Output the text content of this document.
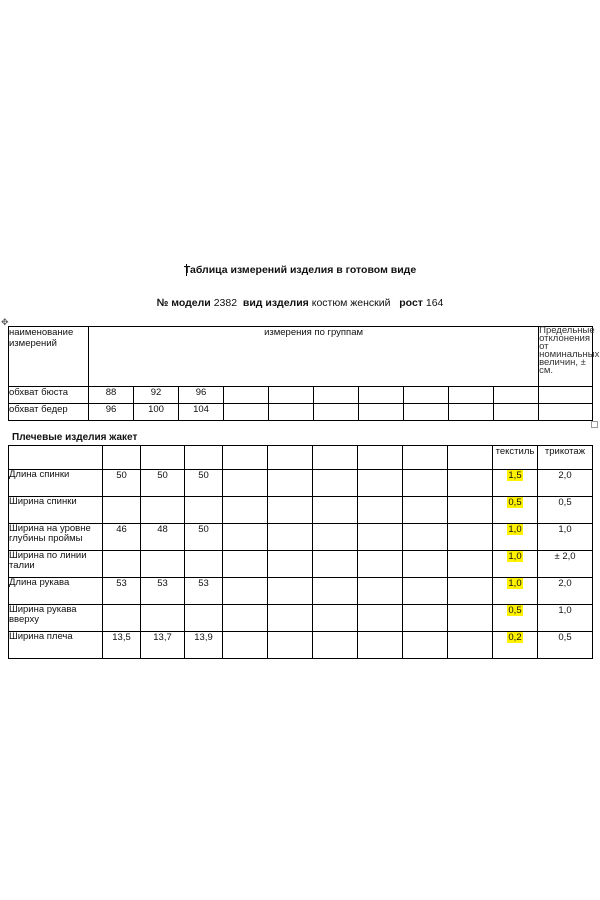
Таблица измерений изделия в готовом виде
№ модели 2382 вид изделия костюм женский рост 164
✥
наименование измерений	измерения по группам										Предельные отклонения от номинальных величин, ± см.
обхват бюста	88	92	96								
обхват бедер	96	100	104								
Плечевые изделия жакет
										текстиль	трикотаж
Длина спинки	50	50	50							1,5	2,0
Ширина спинки										0,5	0,5
Ширина на уровне глубины проймы	46	48	50							1,0	1,0
Ширина по линии талии										1,0	± 2,0
Длина рукава	53	53	53							1,0	2,0
Ширина рукава вверху										0,5	1,0
Ширина плеча	13,5	13,7	13,9							0,2	0,5
